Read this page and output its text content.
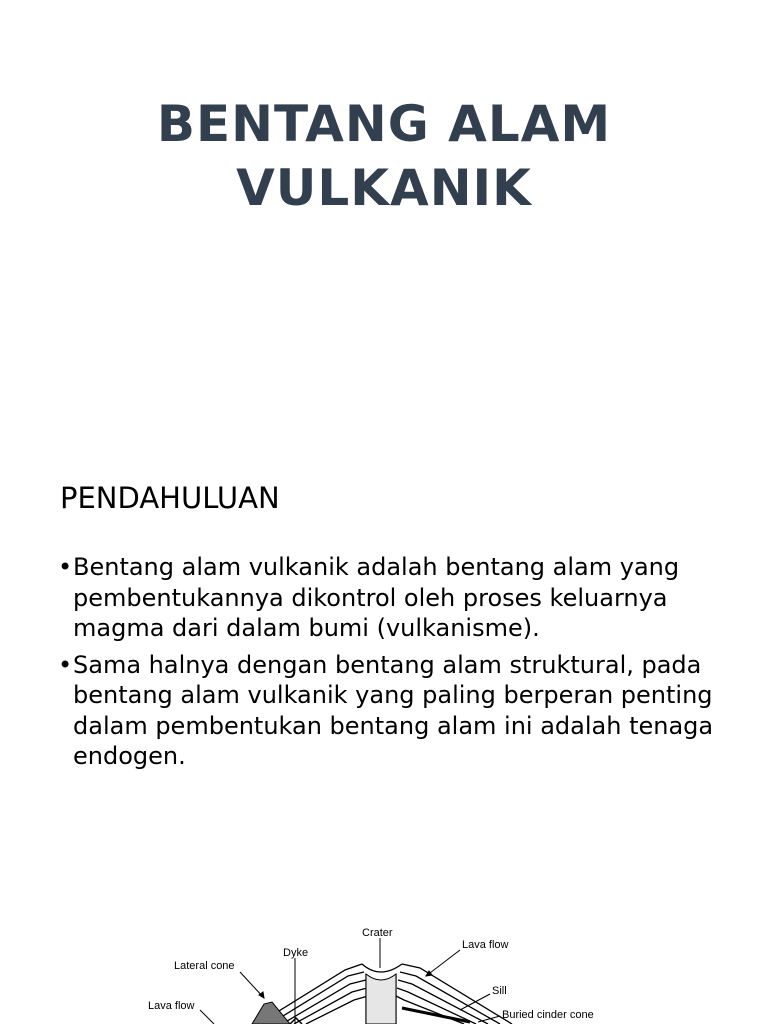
BENTANG ALAM
VULKANIK
PENDAHULUAN
• Bentang alam vulkanik adalah bentang alam yang pembentukannya dikontrol oleh proses keluarnya magma dari dalam bumi (vulkanisme).
• Sama halnya dengan bentang alam struktural, pada bentang alam vulkanik yang paling berperan penting dalam pembentukan bentang alam ini adalah tenaga endogen.
Crater
Lava flow
Lateral cone
Dyke
Sill
Lava flow
Buried cinder cone
